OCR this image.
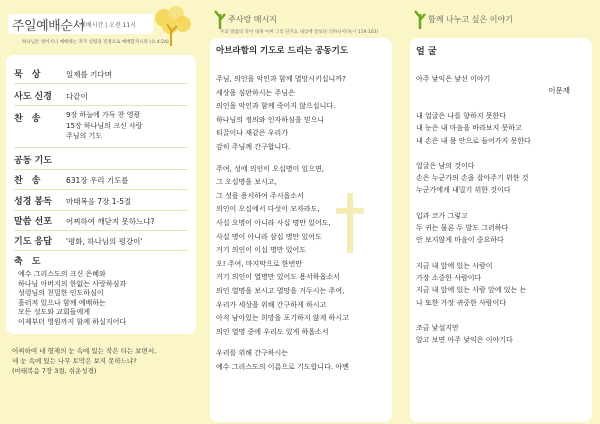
주일예배순서
예배시간 | 오전 11시
하나님은 영이시니 예배하는 자가 신령과 진정으로 예배할지니라 (요 4:24)
묵　상	일제를 기다며
사도 신경 다같이
찬　송	9장 하늘에 가득 찬 영광
15장 하나님의 크신 사랑
주님의 기도
공동 기도
찬　송	631장 우리 기도를
성경 봉독 마태복음 7장 1-5절
말씀 선포 어찌하여 깨닫지 못하느냐?
기도 응답 '평화, 하나님의 평강이'
축　도
예수 그리스도의 크신 은혜와
하나님 아버지의 한없는 사랑하심과
성령님의 친밀한 인도하심이
흘러져 있으나 함께 예배하는
모든 성도와 교회들에게
이제부터 영원까지 함께 하실지어다
어찌하여 네 형제의 눈 속에 있는 작은 티는 보면서,
네 눈 속에 있는 나무 토막은 보지 못하느냐?
(마태복음 7장 3절, 쉬운성경)
주사랑 메시지
주의 말씀의 맛이 내게 어찌 그리 단지요 내입에 꿀보다 더하니이다(시 119:103)
아브라함의 기도로 드리는 공동기도
주님, 의인을 악인과 함께 멸망시키십니까?
세상을 심판하시는 주님은
의인을 악인과 함께 죽이지 않으십니다.
하나님의 정의와 인자하심을 믿으니
티끌이나 재같은 우리가
감히 주님께 간구합니다.
주여, 성에 의인이 오십명이 있으면,
그 오십명을 보시고,
그 성을 용서하여 주시옵소서
의인이 오십에서 다섯이 모자라도,
사십 오명이 아니라 사십 명만 있어도,
사십 명이 아니라 삼십 명만 있어도
거기 의인이 이십 명만 있어도
오! 주여, 마지막으로 한번만
거기 의인이 열명만 있어도 용서하옵소서
의인 열명을 보시고 멸망을 거두시는 주여,
우리가 세상을 위해 간구하게 하시고
아직 남아있는 희망을 포기하지 않게 하시고
의인 열명 중에 우리도 있게 하옵소서
우리를 위해 간구하시는
예수 그리스도의 이름으로 기도합니다. 아멘
함께 나누고 싶은 이야기
얼 굴
아주 낯익은 낯선 이야기
이문재
내 얼굴은 나를 향하지 못한다
내 눈은 내 마음을 바라보지 못하고
내 손은 내 몸 안으로 들어가지 못한다
얼굴은 남의 것이다
손은 누군가의 손을 잡아주기 위한 것
누군가에게 내밀기 위한 것이다
입과 코가 그렇고
두 귀는 물론 두 발도 그러하다
안 보지않게 마음이 중요하다
지금 내 앞에 있는 사람이
가장 소중한 사람이다
지금 내 앞에 있는 사람 앞에 있는 는
나 또한 가장 귀중한 사람이다
조금 낯설지만
알고 보면 아주 낯익은 이야기다
